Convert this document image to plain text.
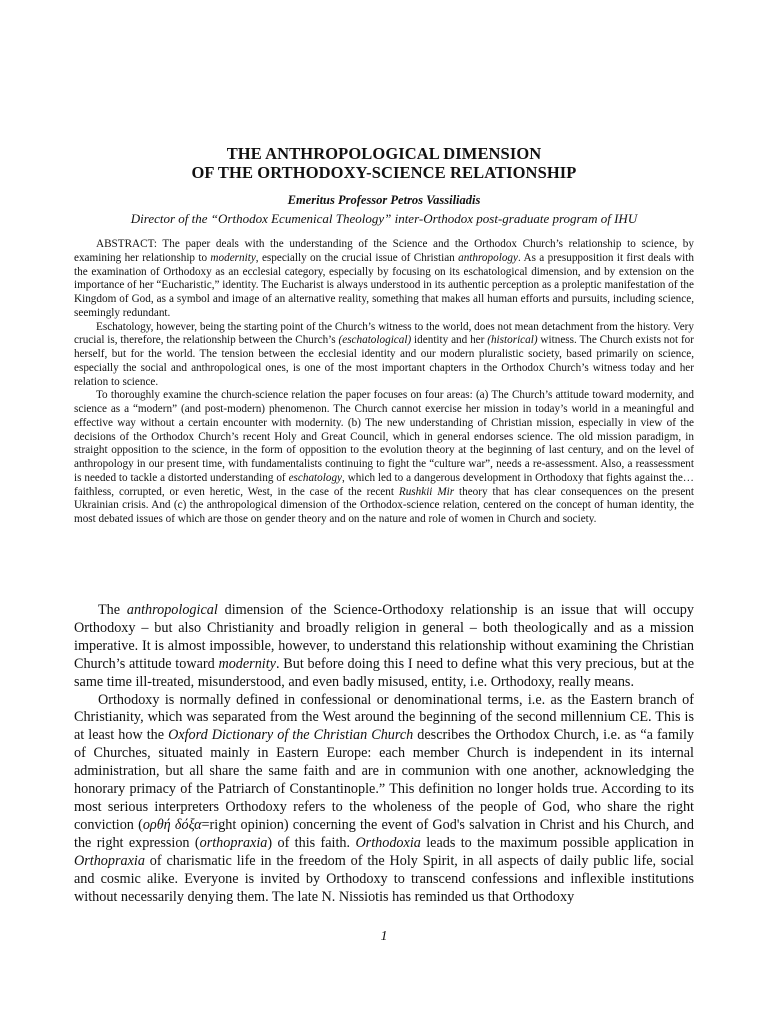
THE ANTHROPOLOGICAL DIMENSION
OF THE ORTHODOXY-SCIENCE RELATIONSHIP
Emeritus Professor Petros Vassiliadis
Director of the “Orthodox Ecumenical Theology” inter-Orthodox post-graduate program of IHU

ABSTRACT: The paper deals with the understanding of the Science and the Orthodox Church’s relationship to science, by examining her relationship to modernity, especially on the crucial issue of Christian anthropology. As a presupposition it first deals with the examination of Orthodoxy as an ecclesial category, especially by focusing on its eschatological dimension, and by extension on the importance of her “Eucharistic,” identity. The Eucharist is always understood in its authentic perception as a proleptic manifestation of the Kingdom of God, as a symbol and image of an alternative reality, something that makes all human efforts and pursuits, including science, seemingly redundant.

Eschatology, however, being the starting point of the Church’s witness to the world, does not mean detachment from the history. Very crucial is, therefore, the relationship between the Church’s (eschatological) identity and her (historical) witness. The Church exists not for herself, but for the world. The tension between the ecclesial identity and our modern pluralistic society, based primarily on science, especially the social and anthropological ones, is one of the most important chapters in the Orthodox Church’s witness today and her relation to science.

To thoroughly examine the church-science relation the paper focuses on four areas: (a) The Church’s attitude toward modernity, and science as a “modern” (and post-modern) phenomenon. The Church cannot exercise her mission in today’s world in a meaningful and effective way without a certain encounter with modernity. (b) The new understanding of Christian mission, especially in view of the decisions of the Orthodox Church’s recent Holy and Great Council, which in general endorses science. The old mission paradigm, in straight opposition to the science, in the form of opposition to the evolution theory at the beginning of last century, and on the level of anthropology in our present time, with fundamentalists continuing to fight the “culture war”, needs a re-assessment. Also, a reassessment is needed to tackle a distorted understanding of eschatology, which led to a dangerous development in Orthodoxy that fights against the…faithless, corrupted, or even heretic, West, in the case of the recent Rushkii Mir theory that has clear consequences on the present Ukrainian crisis. And (c) the anthropological dimension of the Orthodox-science relation, centered on the concept of human identity, the most debated issues of which are those on gender theory and on the nature and role of women in Church and society.

The anthropological dimension of the Science-Orthodoxy relationship is an issue that will occupy Orthodoxy – but also Christianity and broadly religion in general – both theologically and as a mission imperative. It is almost impossible, however, to understand this relationship without examining the Christian Church’s attitude toward modernity. But before doing this I need to define what this very precious, but at the same time ill-treated, misunderstood, and even badly misused, entity, i.e. Orthodoxy, really means.

Orthodoxy is normally defined in confessional or denominational terms, i.e. as the Eastern branch of Christianity, which was separated from the West around the beginning of the second millennium CE. This is at least how the Oxford Dictionary of the Christian Church describes the Orthodox Church, i.e. as “a family of Churches, situated mainly in Eastern Europe: each member Church is independent in its internal administration, but all share the same faith and are in communion with one another, acknowledging the honorary primacy of the Patriarch of Constantinople.” This definition no longer holds true. According to its most serious interpreters Orthodoxy refers to the wholeness of the people of God, who share the right conviction (ορθή δόξα=right opinion) concerning the event of God's salvation in Christ and his Church, and the right expression (orthopraxia) of this faith. Orthodoxia leads to the maximum possible application in Orthopraxia of charismatic life in the freedom of the Holy Spirit, in all aspects of daily public life, social and cosmic alike. Everyone is invited by Orthodoxy to transcend confessions and inflexible institutions without necessarily denying them. The late N. Nissiotis has reminded us that Orthodoxy

1
